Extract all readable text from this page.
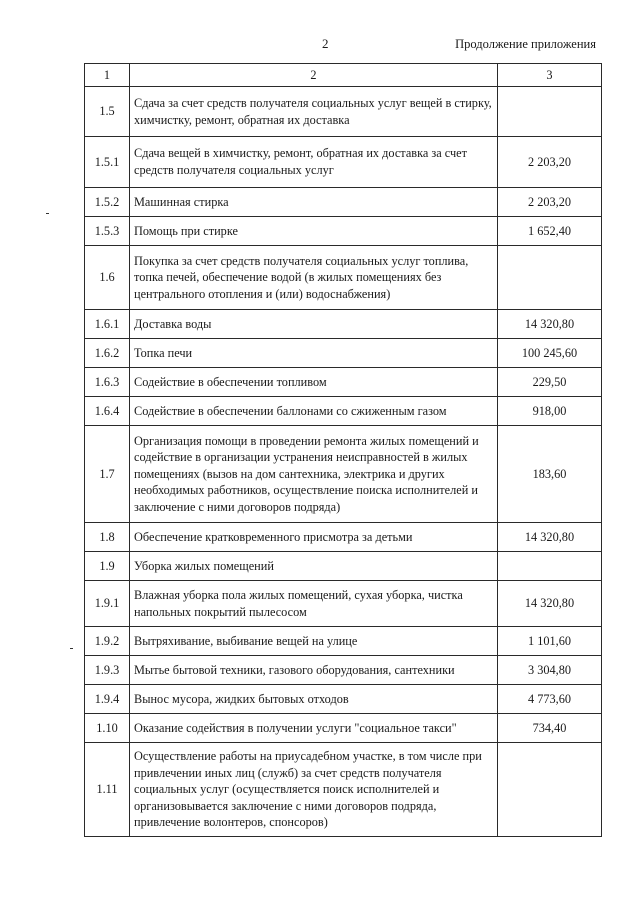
2	Продолжение приложения
1	2	3
1.5	Сдача за счет средств получателя социальных услуг вещей в стирку, химчистку, ремонт, обратная их доставка	
1.5.1	Сдача вещей в химчистку, ремонт, обратная их доставка за счет средств получателя социальных услуг	2 203,20
1.5.2	Машинная стирка	2 203,20
1.5.3	Помощь при стирке	1 652,40
1.6	Покупка за счет средств получателя социальных услуг топлива, топка печей, обеспечение водой (в жилых помещениях без центрального отопления и (или) водоснабжения)	
1.6.1	Доставка воды	14 320,80
1.6.2	Топка печи	100 245,60
1.6.3	Содействие в обеспечении топливом	229,50
1.6.4	Содействие в обеспечении баллонами со сжиженным газом	918,00
1.7	Организация помощи в проведении ремонта жилых помещений и содействие в организации устранения неисправностей в жилых помещениях (вызов на дом сантехника, электрика и других необходимых работников, осуществление поиска исполнителей и заключение с ними договоров подряда)	183,60
1.8	Обеспечение кратковременного присмотра за детьми	14 320,80
1.9	Уборка жилых помещений	
1.9.1	Влажная уборка пола жилых помещений, сухая уборка, чистка напольных покрытий пылесосом	14 320,80
1.9.2	Вытряхивание, выбивание вещей на улице	1 101,60
1.9.3	Мытье бытовой техники, газового оборудования, сантехники	3 304,80
1.9.4	Вынос мусора, жидких бытовых отходов	4 773,60
1.10	Оказание содействия в получении услуги "социальное такси"	734,40
1.11	Осуществление работы на приусадебном участке, в том числе при привлечении иных лиц (служб) за счет средств получателя социальных услуг (осуществляется поиск исполнителей и организовывается заключение с ними договоров подряда, привлечение волонтеров, спонсоров)	
